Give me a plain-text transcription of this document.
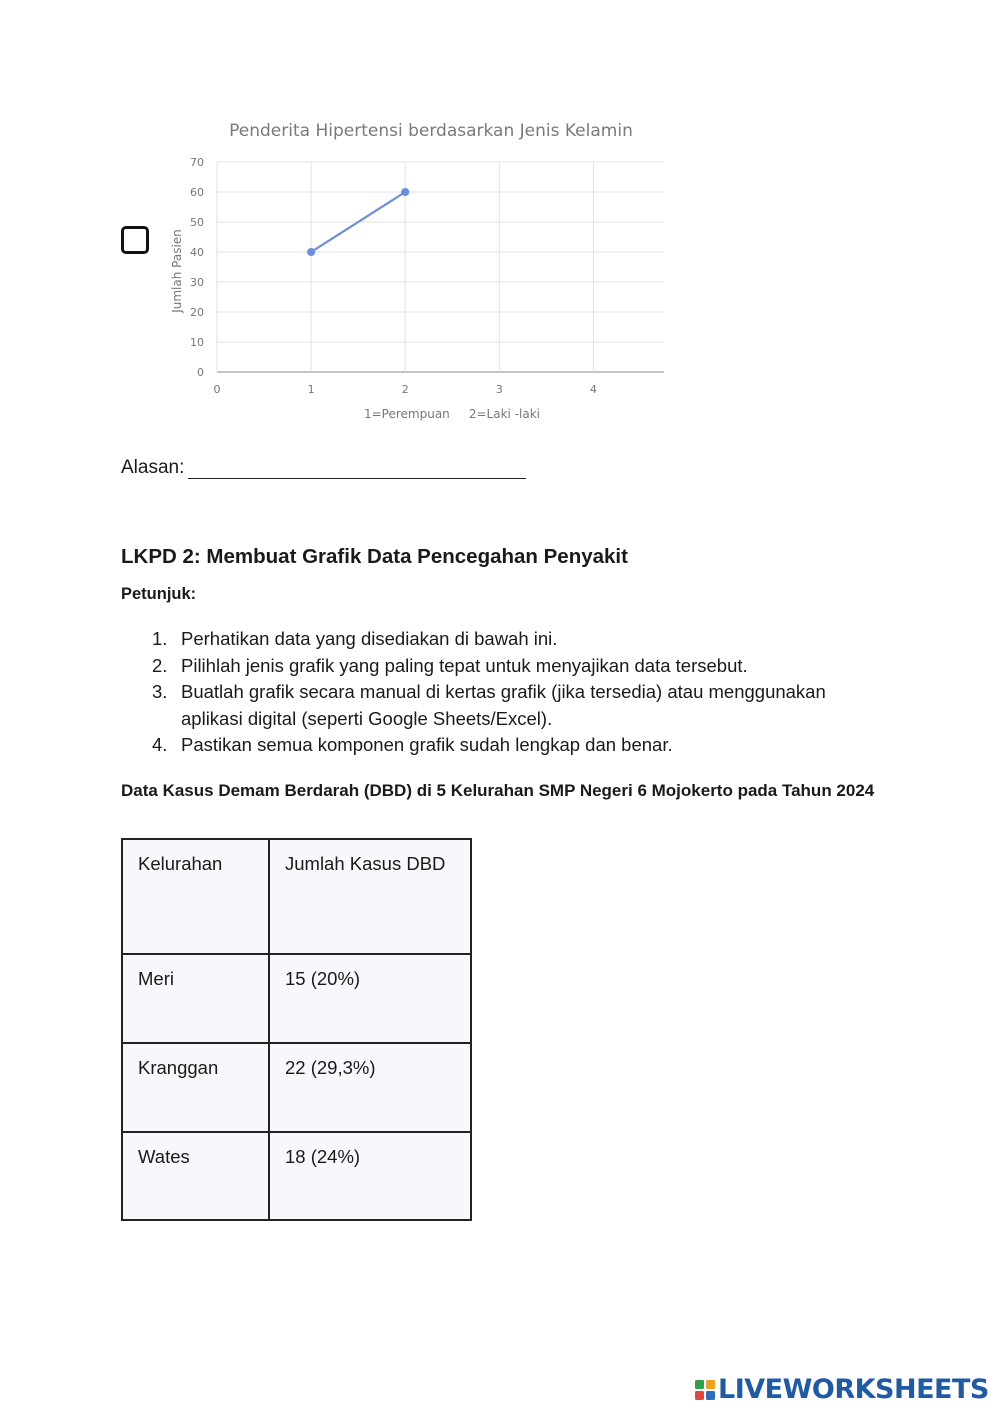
Penderita Hipertensi berdasarkan Jenis Kelamin
0
10
20
30
40
50
60
70
0	1	2	3	4
1=Perempuan     2=Laki -laki
Jumlah Pasien
Alasan:
LKPD 2: Membuat Grafik Data Pencegahan Penyakit
Petunjuk:
1. Perhatikan data yang disediakan di bawah ini.
2. Pilihlah jenis grafik yang paling tepat untuk menyajikan data tersebut.
3. Buatlah grafik secara manual di kertas grafik (jika tersedia) atau menggunakan aplikasi digital (seperti Google Sheets/Excel).
4. Pastikan semua komponen grafik sudah lengkap dan benar.

Data Kasus Demam Berdarah (DBD) di 5 Kelurahan SMP Negeri 6 Mojokerto pada Tahun 2024

Kelurahan	Jumlah Kasus DBD
Meri	15 (20%)
Kranggan	22 (29,3%)
Wates	18 (24%)
LIVEWORKSHEETS
